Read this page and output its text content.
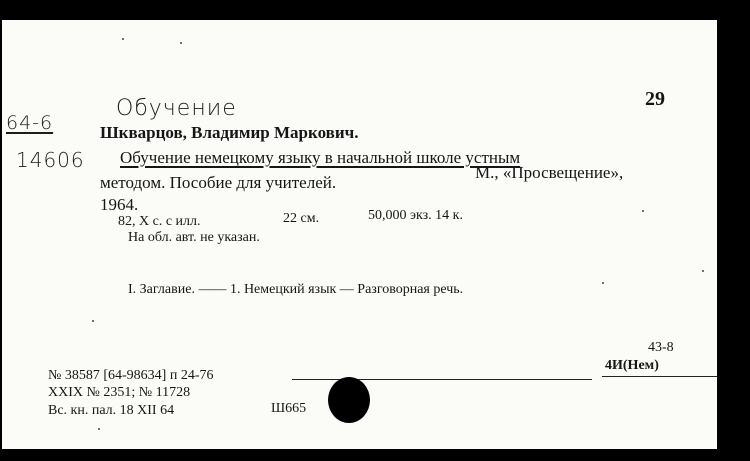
Обучение
64-6
14606
29
Шкварцов, Владимир Маркович.
Обучение немецкому языку в начальной школе устным
методом. Пособие для учителей.
М., «Просвещение»,
1964.
82, X с. с илл.	22 см.	50,000 экз. 14 к.
На обл. авт. не указан.
I. Заглавие. —— 1. Немецкий язык — Разговорная речь.
43-8
4И(Нем)
№ 38587 [64-98634] п 24-76
XXIX № 2351; № 11728
Вс. кн. пал. 18 XII 64	Ш665
